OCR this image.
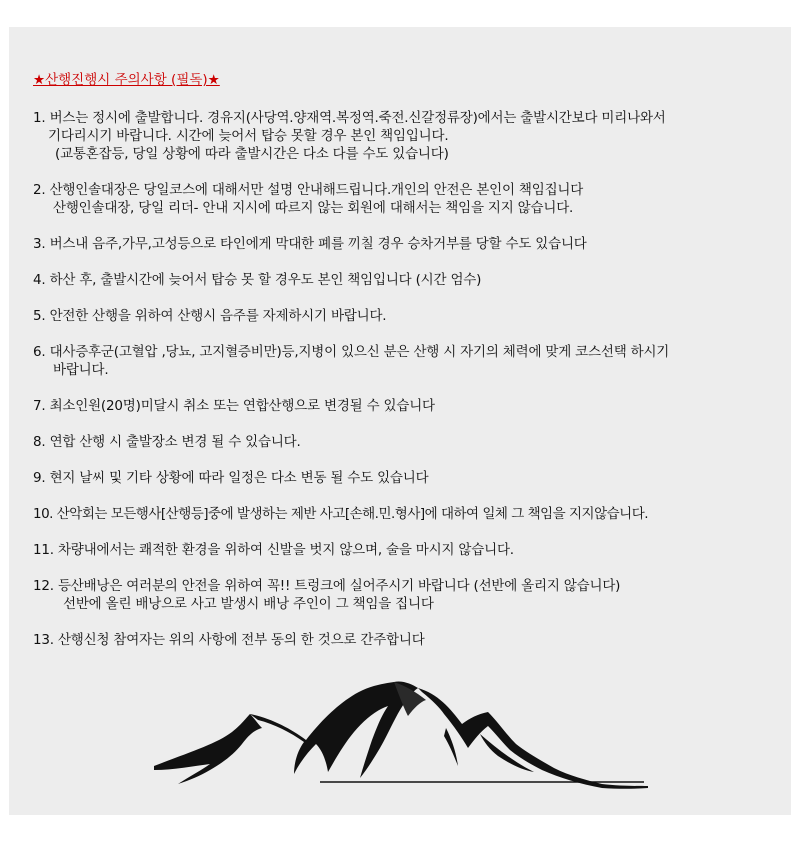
★산행진행시 주의사항 (필독)★
1. 버스는 정시에 출발합니다. 경유지(사당역.양재역.복정역.죽전.신갈정류장)에서는 출발시간보다 미리나와서
기다리시기 바랍니다. 시간에 늦어서 탑승 못할 경우 본인 책임입니다.
(교통혼잡등, 당일 상황에 따라 출발시간은 다소 다를 수도 있습니다)
2. 산행인솔대장은 당일코스에 대해서만 설명 안내해드립니다.개인의 안전은 본인이 책임집니다
산행인솔대장, 당일 리더- 안내 지시에 따르지 않는 회원에 대해서는 책임을 지지 않습니다.
3. 버스내 음주,가무,고성등으로 타인에게 막대한 폐를 끼칠 경우 승차거부를 당할 수도 있습니다
4. 하산 후, 출발시간에 늦어서 탑승 못 할 경우도 본인 책임입니다 (시간 엄수)
5. 안전한 산행을 위하여 산행시 음주를 자제하시기 바랍니다.
6. 대사증후군(고혈압 ,당뇨, 고지혈증비만)등,지병이 있으신 분은 산행 시 자기의 체력에 맞게 코스선택 하시기
바랍니다.
7. 최소인원(20명)미달시 취소 또는 연합산행으로 변경될 수 있습니다
8. 연합 산행 시 출발장소 변경 될 수 있습니다.
9. 현지 날씨 및 기타 상황에 따라 일정은 다소 변동 될 수도 있습니다
10. 산악회는 모든행사[산행등]중에 발생하는 제반 사고[손해.민.형사]에 대하여 일체 그 책임을 지지않습니다.
11. 차량내에서는 쾌적한 환경을 위하여 신발을 벗지 않으며, 술을 마시지 않습니다.
12. 등산배낭은 여러분의 안전을 위하여 꼭!! 트렁크에 실어주시기 바랍니다 (선반에 올리지 않습니다)
선반에 올린 배낭으로 사고 발생시 배낭 주인이 그 책임을 집니다
13. 산행신청 참여자는 위의 사항에 전부 동의 한 것으로 간주합니다
